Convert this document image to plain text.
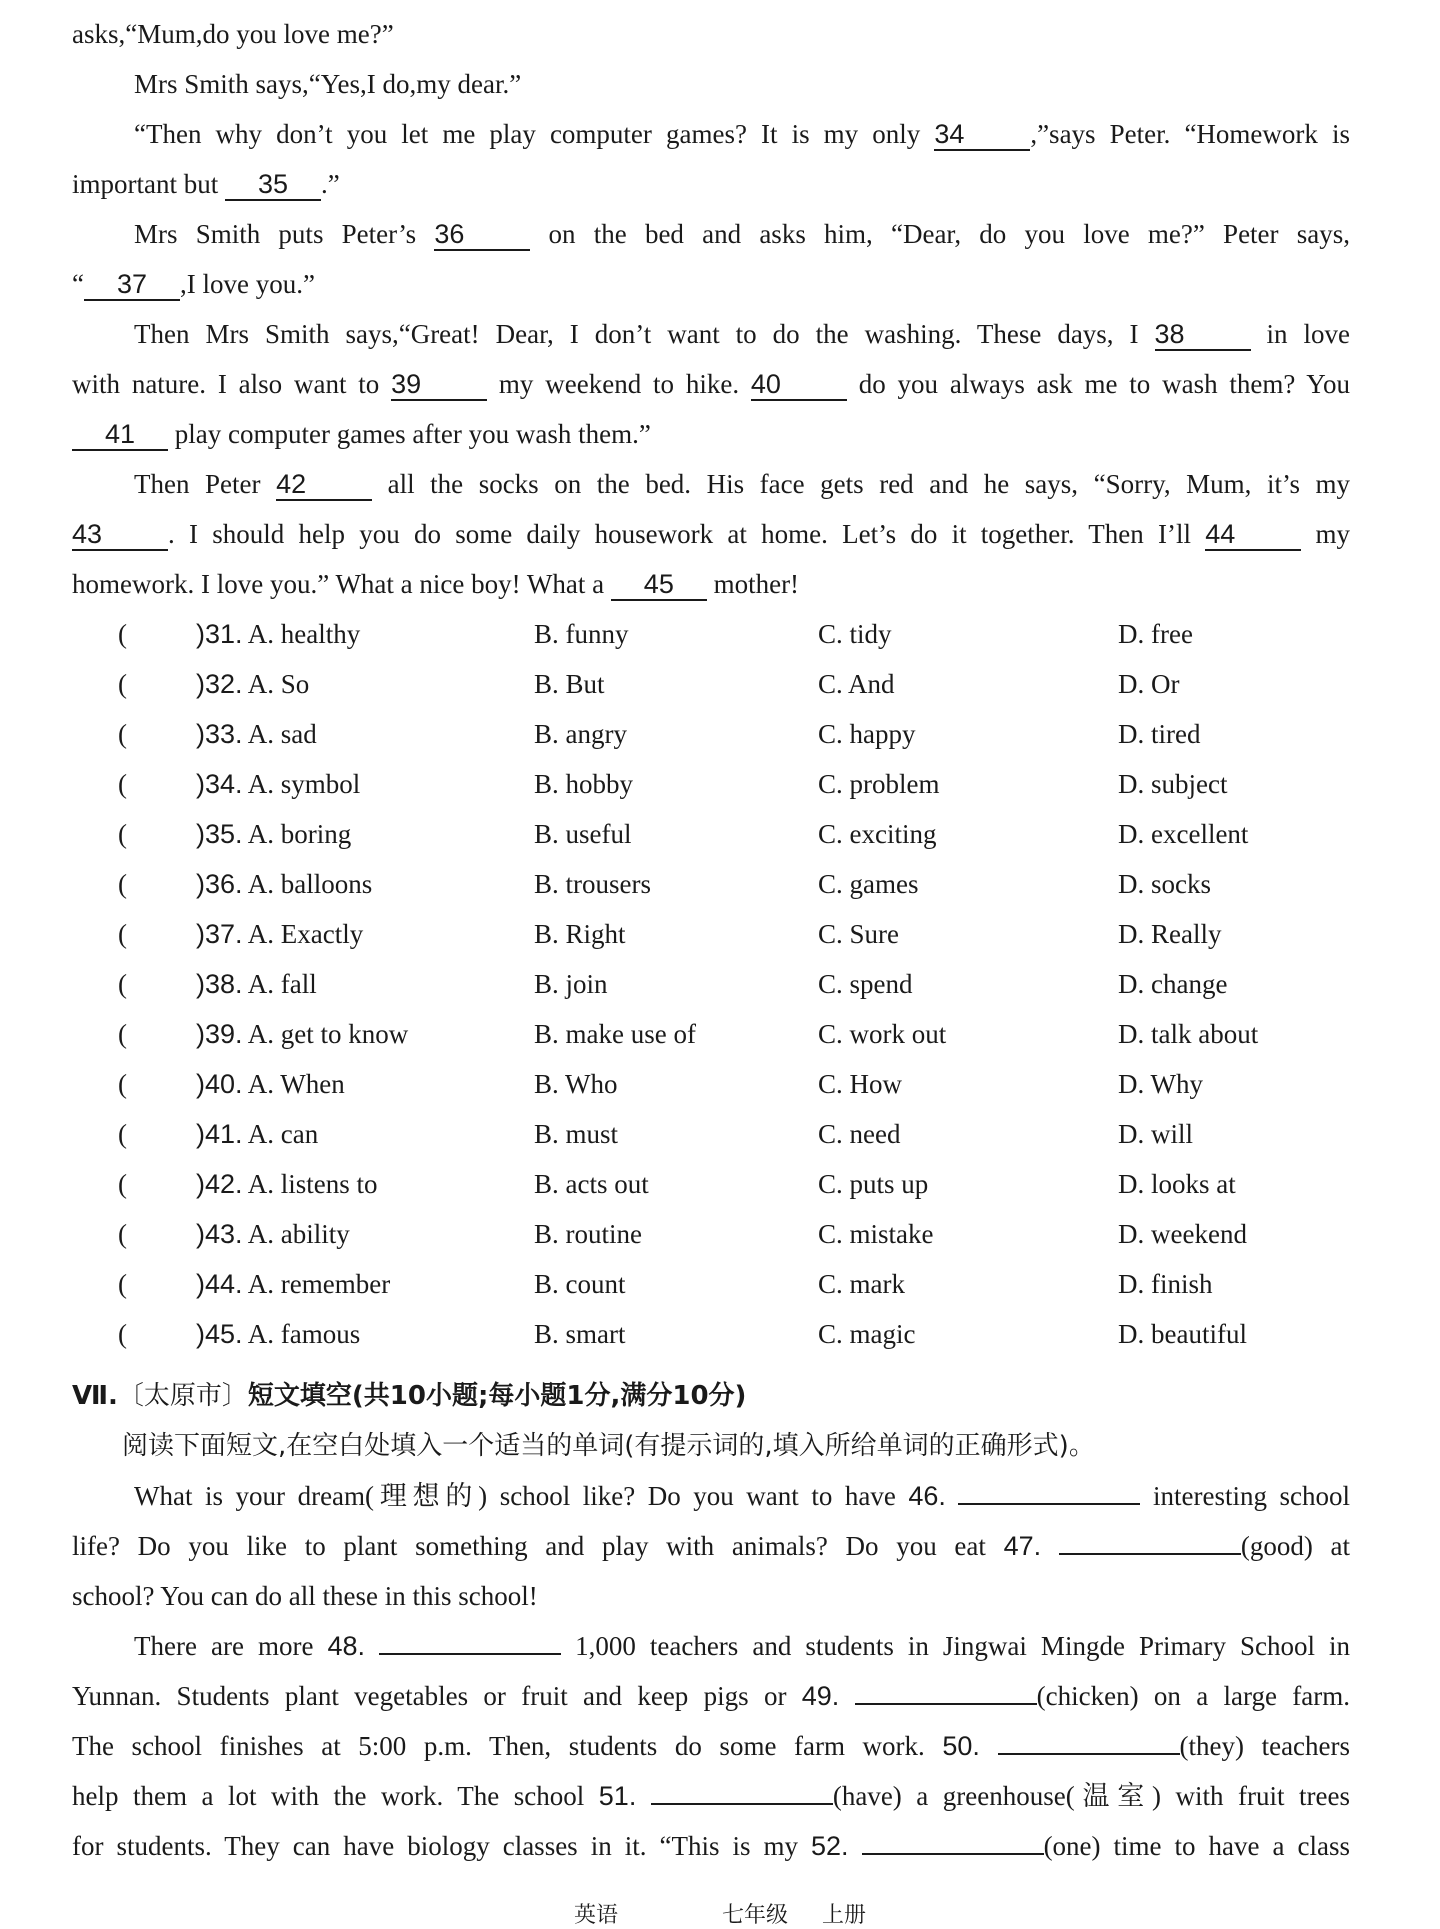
asks,“Mum,do you love me?”
Mrs Smith says,“Yes,I do,my dear.”
“Then why don’t you let me play computer games? It is my only 34 ,”says Peter. “Homework is
important but 35 .”
Mrs Smith puts Peter’s 36 on the bed and asks him, “Dear, do you love me?” Peter says,
“ 37 ,I love you.”
Then Mrs Smith says,“Great! Dear, I don’t want to do the washing. These days, I 38 in love
with nature. I also want to 39 my weekend to hike. 40 do you always ask me to wash them? You
41 play computer games after you wash them.”
Then Peter 42 all the socks on the bed. His face gets red and he says, “Sorry, Mum, it’s my
43 . I should help you do some daily housework at home. Let’s do it together. Then I’ll 44 my
homework. I love you.” What a nice boy! What a 45 mother!
(	)31. A. healthy	B. funny	C. tidy	D. free
(	)32. A. So	B. But	C. And	D. Or
(	)33. A. sad	B. angry	C. happy	D. tired
(	)34. A. symbol	B. hobby	C. problem	D. subject
(	)35. A. boring	B. useful	C. exciting	D. excellent
(	)36. A. balloons	B. trousers	C. games	D. socks
(	)37. A. Exactly	B. Right	C. Sure	D. Really
(	)38. A. fall	B. join	C. spend	D. change
(	)39. A. get to know	B. make use of	C. work out	D. talk about
(	)40. A. When	B. Who	C. How	D. Why
(	)41. A. can	B. must	C. need	D. will
(	)42. A. listens to	B. acts out	C. puts up	D. looks at
(	)43. A. ability	B. routine	C. mistake	D. weekend
(	)44. A. remember	B. count	C. mark	D. finish
(	)45. A. famous	B. smart	C. magic	D. beautiful
Ⅶ.〔太原市〕短文填空(共10小题;每小题1分,满分10分)
阅读下面短文,在空白处填入一个适当的单词(有提示词的,填入所给单词的正确形式)。
What is your dream(理想的) school like? Do you want to have 46.	interesting school
life? Do you like to plant something and play with animals? Do you eat 47.	(good) at
school? You can do all these in this school!
There are more 48.	1,000 teachers and students in Jingwai Mingde Primary School in
Yunnan. Students plant vegetables or fruit and keep pigs or 49.	(chicken) on a large farm.
The school finishes at 5:00 p.m. Then, students do some farm work. 50.	(they) teachers
help them a lot with the work. The school 51.	(have) a greenhouse(温室) with fruit trees
for students. They can have biology classes in it. “This is my 52.	(one) time to have a class
英语	七年级 上册
